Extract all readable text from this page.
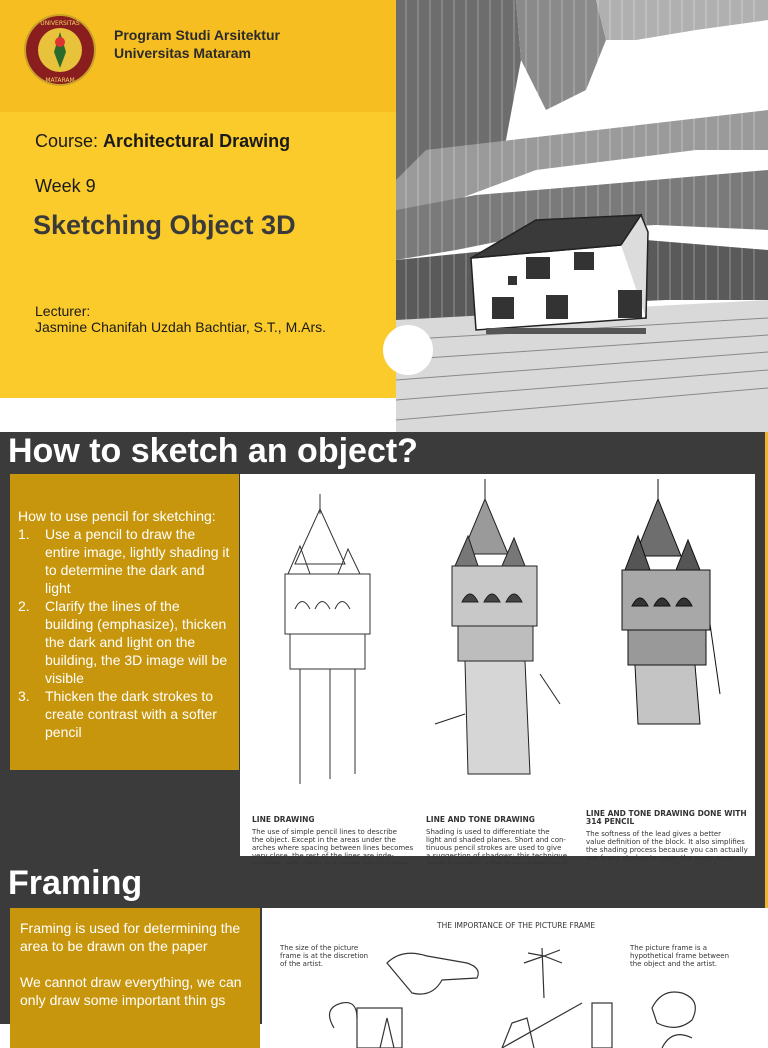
UNIVERSITAS
MATARAM
Program Studi Arsitektur
Universitas Mataram
Course: Architectural Drawing
Week 9
Sketching Object 3D
Lecturer:
Jasmine Chanifah Uzdah Bachtiar, S.T., M.Ars.
How to sketch an object?
How to use pencil for sketching:
1. Use a pencil to draw the entire image, lightly shading it to determine the dark and light
2. Clarify the lines of the building (emphasize), thicken the dark and light on the building, the 3D image will be visible
3. Thicken the dark strokes to create contrast with a softer pencil
LINE DRAWING
The use of simple pencil lines to describe
the object. Except in the areas under the
arches where spacing between lines becomes
very close, the rest of the lines are inde-
LINE AND TONE DRAWING
Shading is used to differentiate the
light and shaded planes. Short and con-
tinuous pencil strokes are used to give
a suggestion of shadows; this technique
LINE AND TONE DRAWING DONE WITH
314 PENCIL
The softness of the lead gives a better
value definition of the block. It also simplifies
the shading process because you can actually
use fewer strokes to cover the same area
Framing

Framing is used for determining the area to be drawn on the paper

We cannot draw everything, we can only draw some important thin gs

THE IMPORTANCE OF THE PICTURE FRAME
The size of the picture
frame is at the discretion
of the artist.
The picture frame is a
hypothetical frame between
the object and the artist.
